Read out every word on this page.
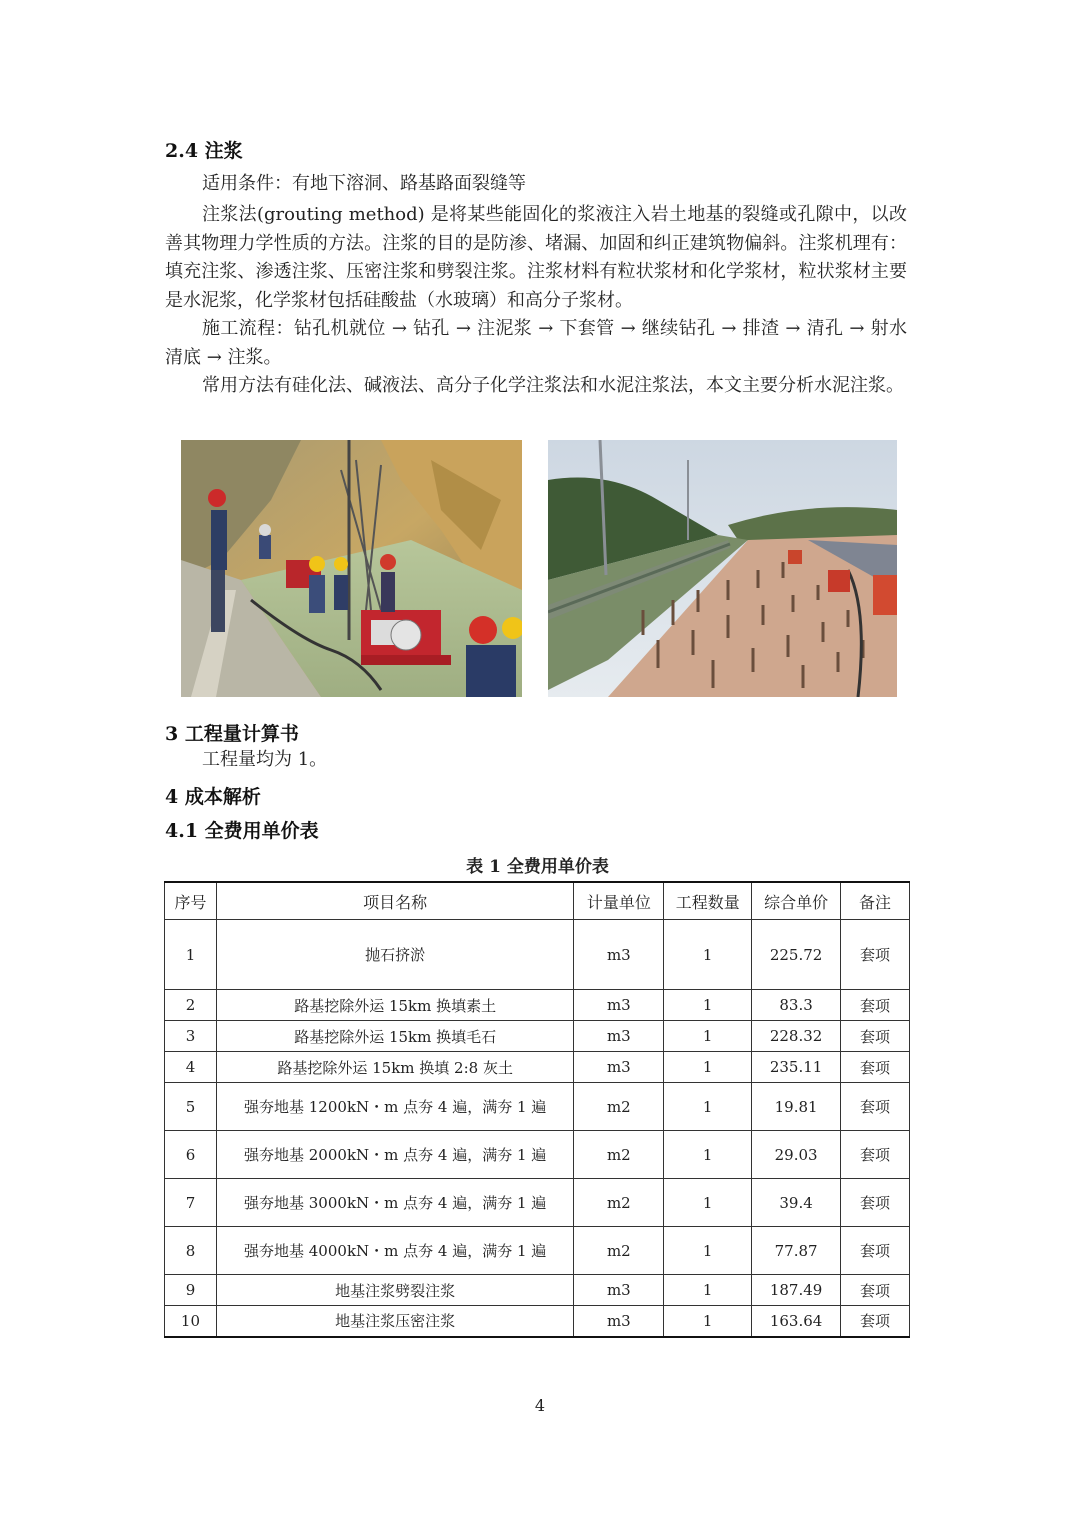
2.4 注浆
适用条件：有地下溶洞、路基路面裂缝等
注浆法(grouting method) 是将某些能固化的浆液注入岩土地基的裂缝或孔隙中，以改善其物理力学性质的方法。注浆的目的是防渗、堵漏、加固和纠正建筑物偏斜。注浆机理有：填充注浆、渗透注浆、压密注浆和劈裂注浆。注浆材料有粒状浆材和化学浆材，粒状浆材主要是水泥浆，化学浆材包括硅酸盐（水玻璃）和高分子浆材。
施工流程：钻孔机就位 → 钻孔 → 注泥浆 → 下套管 → 继续钻孔 → 排渣 → 清孔 → 射水清底 → 注浆。
常用方法有硅化法、碱液法、高分子化学注浆法和水泥注浆法，本文主要分析水泥注浆。
3 工程量计算书
工程量均为 1。
4 成本解析
4.1 全费用单价表
表 1 全费用单价表
序号	项目名称	计量单位	工程数量	综合单价	备注
1	抛石挤淤	m3	1	225.72	套项
2	路基挖除外运 15km 换填素土	m3	1	83.3	套项
3	路基挖除外运 15km 换填毛石	m3	1	228.32	套项
4	路基挖除外运 15km 换填 2:8 灰土	m3	1	235.11	套项
5	强夯地基 1200kN・m 点夯 4 遍，满夯 1 遍	m2	1	19.81	套项
6	强夯地基 2000kN・m 点夯 4 遍，满夯 1 遍	m2	1	29.03	套项
7	强夯地基 3000kN・m 点夯 4 遍，满夯 1 遍	m2	1	39.4	套项
8	强夯地基 4000kN・m 点夯 4 遍，满夯 1 遍	m2	1	77.87	套项
9	地基注浆劈裂注浆	m3	1	187.49	套项
10	地基注浆压密注浆	m3	1	163.64	套项
4
